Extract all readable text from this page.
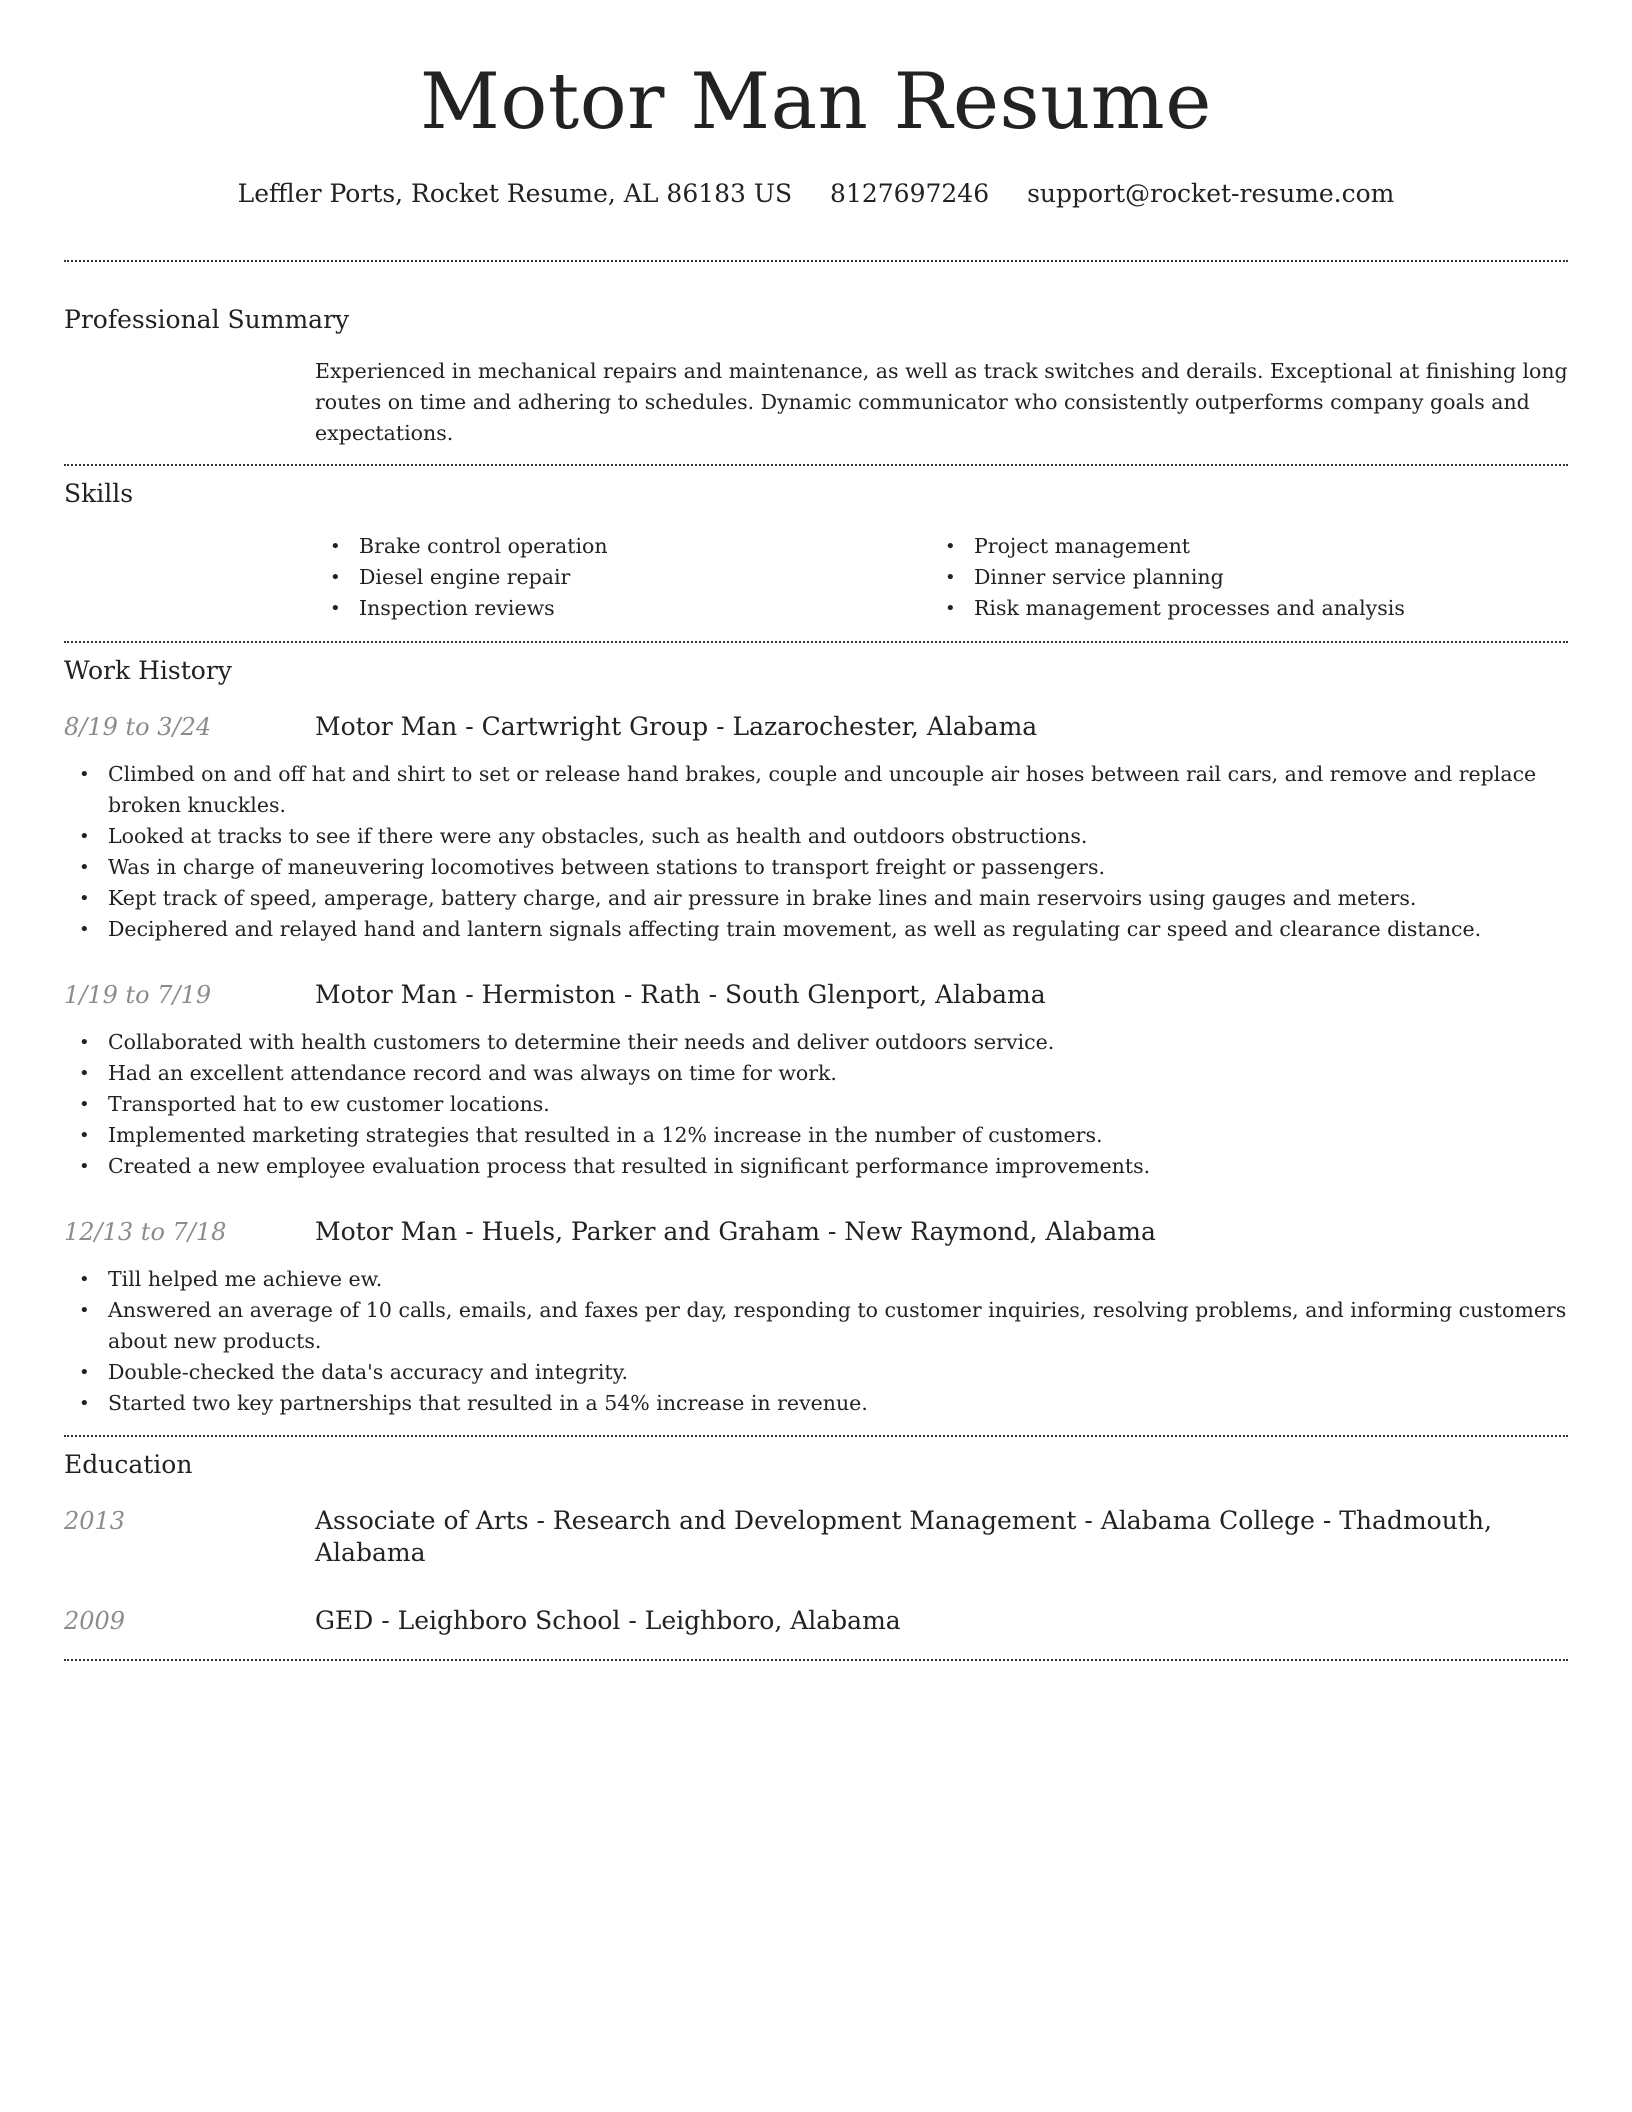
Motor Man Resume
Leffler Ports, Rocket Resume, AL 86183 US 8127697246 support@rocket-resume.com
Professional Summary
Experienced in mechanical repairs and maintenance, as well as track switches and derails. Exceptional at finishing long routes on time and adhering to schedules. Dynamic communicator who consistently outperforms company goals and expectations.
Skills
• Brake control operation
• Diesel engine repair
• Inspection reviews
• Project management
• Dinner service planning
• Risk management processes and analysis
Work History
8/19 to 3/24	Motor Man - Cartwright Group - Lazarochester, Alabama
• Climbed on and off hat and shirt to set or release hand brakes, couple and uncouple air hoses between rail cars, and remove and replace broken knuckles.
• Looked at tracks to see if there were any obstacles, such as health and outdoors obstructions.
• Was in charge of maneuvering locomotives between stations to transport freight or passengers.
• Kept track of speed, amperage, battery charge, and air pressure in brake lines and main reservoirs using gauges and meters.
• Deciphered and relayed hand and lantern signals affecting train movement, as well as regulating car speed and clearance distance.
1/19 to 7/19	Motor Man - Hermiston - Rath - South Glenport, Alabama
• Collaborated with health customers to determine their needs and deliver outdoors service.
• Had an excellent attendance record and was always on time for work.
• Transported hat to ew customer locations.
• Implemented marketing strategies that resulted in a 12% increase in the number of customers.
• Created a new employee evaluation process that resulted in significant performance improvements.
12/13 to 7/18	Motor Man - Huels, Parker and Graham - New Raymond, Alabama
• Till helped me achieve ew.
• Answered an average of 10 calls, emails, and faxes per day, responding to customer inquiries, resolving problems, and informing customers about new products.
• Double-checked the data's accuracy and integrity.
• Started two key partnerships that resulted in a 54% increase in revenue.
Education
2013	Associate of Arts - Research and Development Management - Alabama College - Thadmouth, Alabama
2009	GED - Leighboro School - Leighboro, Alabama
